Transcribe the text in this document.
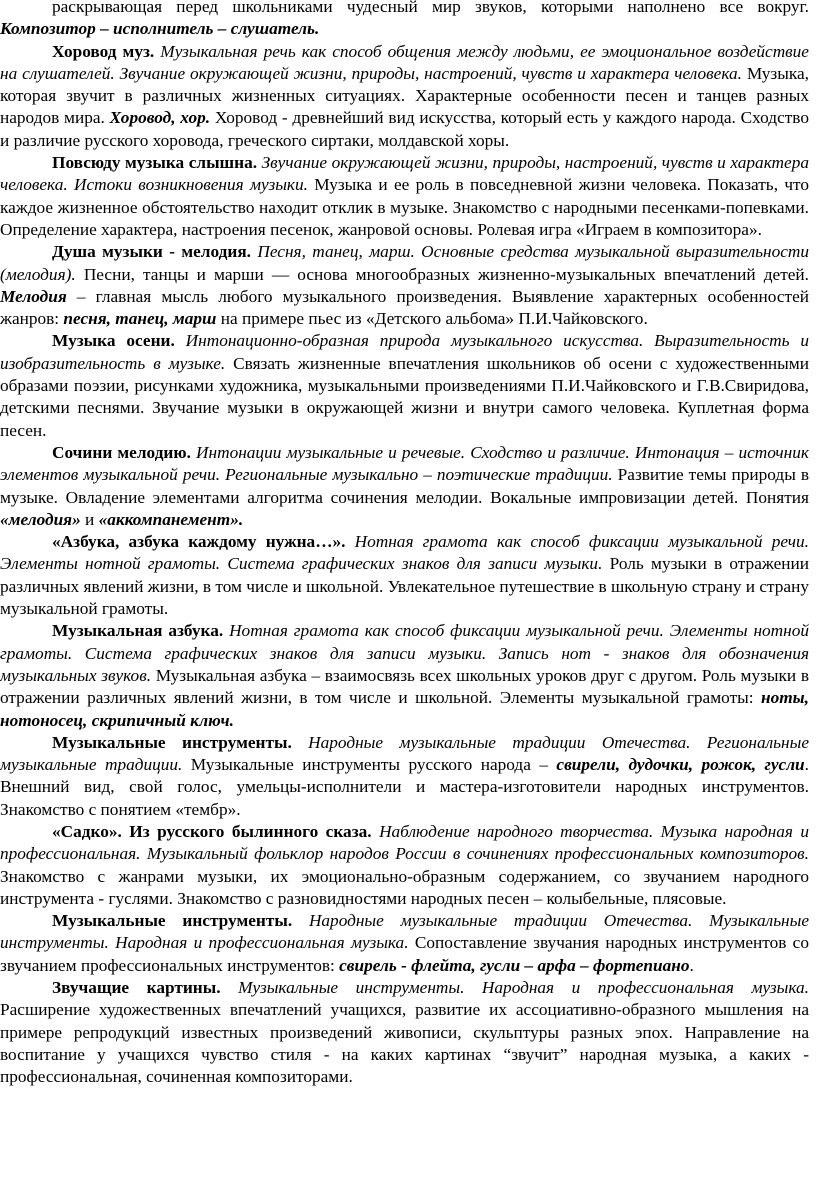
раскрывающая перед школьниками чудесный мир звуков, которыми наполнено все вокруг. Композитор – исполнитель – слушатель.

Хоровод муз. Музыкальная речь как способ общения между людьми, ее эмоциональное воздействие на слушателей. Звучание окружающей жизни, природы, настроений, чувств и характера человека. Музыка, которая звучит в различных жизненных ситуациях. Характерные особенности песен и танцев разных народов мира. Хоровод, хор. Хоровод - древнейший вид искусства, который есть у каждого народа. Сходство и различие русского хоровода, греческого сиртаки, молдавской хоры.

Повсюду музыка слышна. Звучание окружающей жизни, природы, настроений, чувств и характера человека. Истоки возникновения музыки. Музыка и ее роль в повседневной жизни человека. Показать, что каждое жизненное обстоятельство находит отклик в музыке. Знакомство с народными песенками-попевками. Определение характера, настроения песенок, жанровой основы. Ролевая игра «Играем в композитора».

Душа музыки - мелодия. Песня, танец, марш. Основные средства музыкальной выразительности (мелодия). Песни, танцы и марши — основа многообразных жизненно-музыкальных впечатлений детей. Мелодия – главная мысль любого музыкального произведения. Выявление характерных особенностей жанров: песня, танец, марш на примере пьес из «Детского альбома» П.И.Чайковского.

Музыка осени. Интонационно-образная природа музыкального искусства. Выразительность и изобразительность в музыке. Связать жизненные впечатления школьников об осени с художественными образами поэзии, рисунками художника, музыкальными произведениями П.И.Чайковского и Г.В.Свиридова, детскими песнями. Звучание музыки в окружающей жизни и внутри самого человека. Куплетная форма песен.

Сочини мелодию. Интонации музыкальные и речевые. Сходство и различие. Интонация – источник элементов музыкальной речи. Региональные музыкально – поэтические традиции. Развитие темы природы в музыке. Овладение элементами алгоритма сочинения мелодии. Вокальные импровизации детей. Понятия «мелодия» и «аккомпанемент».

«Азбука, азбука каждому нужна…». Нотная грамота как способ фиксации музыкальной речи. Элементы нотной грамоты. Система графических знаков для записи музыки. Роль музыки в отражении различных явлений жизни, в том числе и школьной. Увлекательное путешествие в школьную страну и страну музыкальной грамоты.

Музыкальная азбука. Нотная грамота как способ фиксации музыкальной речи. Элементы нотной грамоты. Система графических знаков для записи музыки. Запись нот - знаков для обозначения музыкальных звуков. Музыкальная азбука – взаимосвязь всех школьных уроков друг с другом. Роль музыки в отражении различных явлений жизни, в том числе и школьной. Элементы музыкальной грамоты: ноты, нотоносец, скрипичный ключ.

Музыкальные инструменты. Народные музыкальные традиции Отечества. Региональные музыкальные традиции. Музыкальные инструменты русского народа – свирели, дудочки, рожок, гусли. Внешний вид, свой голос, умельцы-исполнители и мастера-изготовители народных инструментов. Знакомство с понятием «тембр».

«Садко». Из русского былинного сказа. Наблюдение народного творчества. Музыка народная и профессиональная. Музыкальный фольклор народов России в сочинениях профессиональных композиторов. Знакомство с жанрами музыки, их эмоционально-образным содержанием, со звучанием народного инструмента - гуслями. Знакомство с разновидностями народных песен – колыбельные, плясовые.

Музыкальные инструменты. Народные музыкальные традиции Отечества. Музыкальные инструменты. Народная и профессиональная музыка. Сопоставление звучания народных инструментов со звучанием профессиональных инструментов: свирель - флейта, гусли – арфа – фортепиано.

Звучащие картины. Музыкальные инструменты. Народная и профессиональная музыка. Расширение художественных впечатлений учащихся, развитие их ассоциативно-образного мышления на примере репродукций известных произведений живописи, скульптуры разных эпох. Направление на воспитание у учащихся чувство стиля - на каких картинах “звучит” народная музыка, а каких - профессиональная, сочиненная композиторами.
